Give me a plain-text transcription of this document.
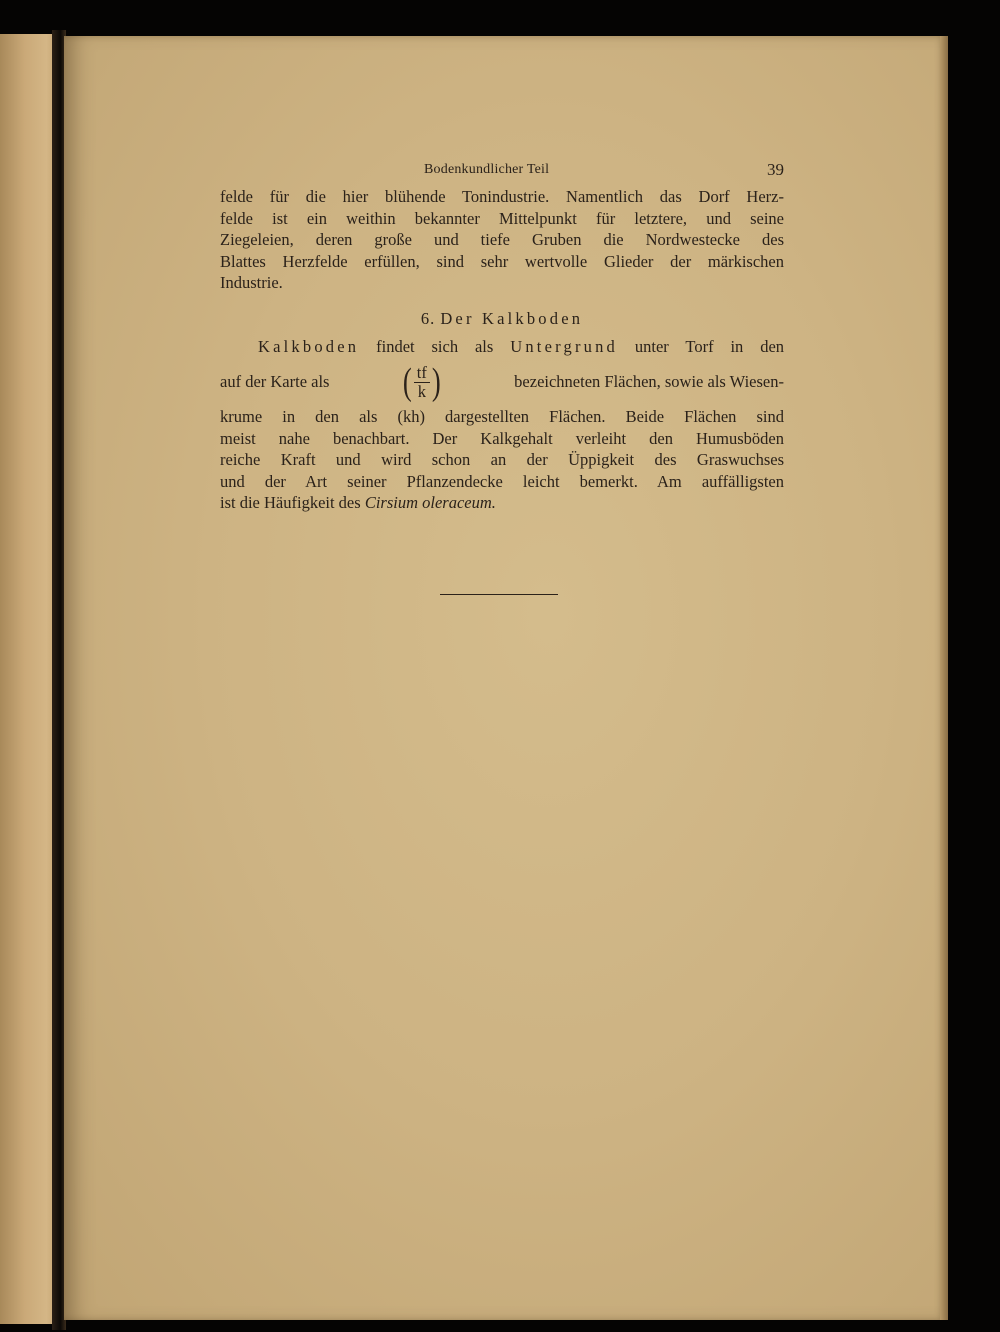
Bodenkundlicher Teil	39

felde für die hier blühende Tonindustrie. Namentlich das Dorf Herz-

felde ist ein weithin bekannter Mittelpunkt für letztere, und seine

Ziegeleien, deren große und tiefe Gruben die Nordwestecke des

Blattes Herzfelde erfüllen, sind sehr wertvolle Glieder der märkischen

Industrie.

6. Der Kalkboden

Kalkboden findet sich als Untergrund unter Torf in den

auf der Karte als ( $\frac{tf}{k}$ )	bezeichneten Flächen, sowie als Wiesen-

krume in den als (kh) dargestellten Flächen. Beide Flächen sind

meist nahe benachbart. Der Kalkgehalt verleiht den Humusböden

reiche Kraft und wird schon an der Üppigkeit des Graswuchses

und der Art seiner Pflanzendecke leicht bemerkt. Am auffälligsten

ist die Häufigkeit des Cirsium oleraceum.
